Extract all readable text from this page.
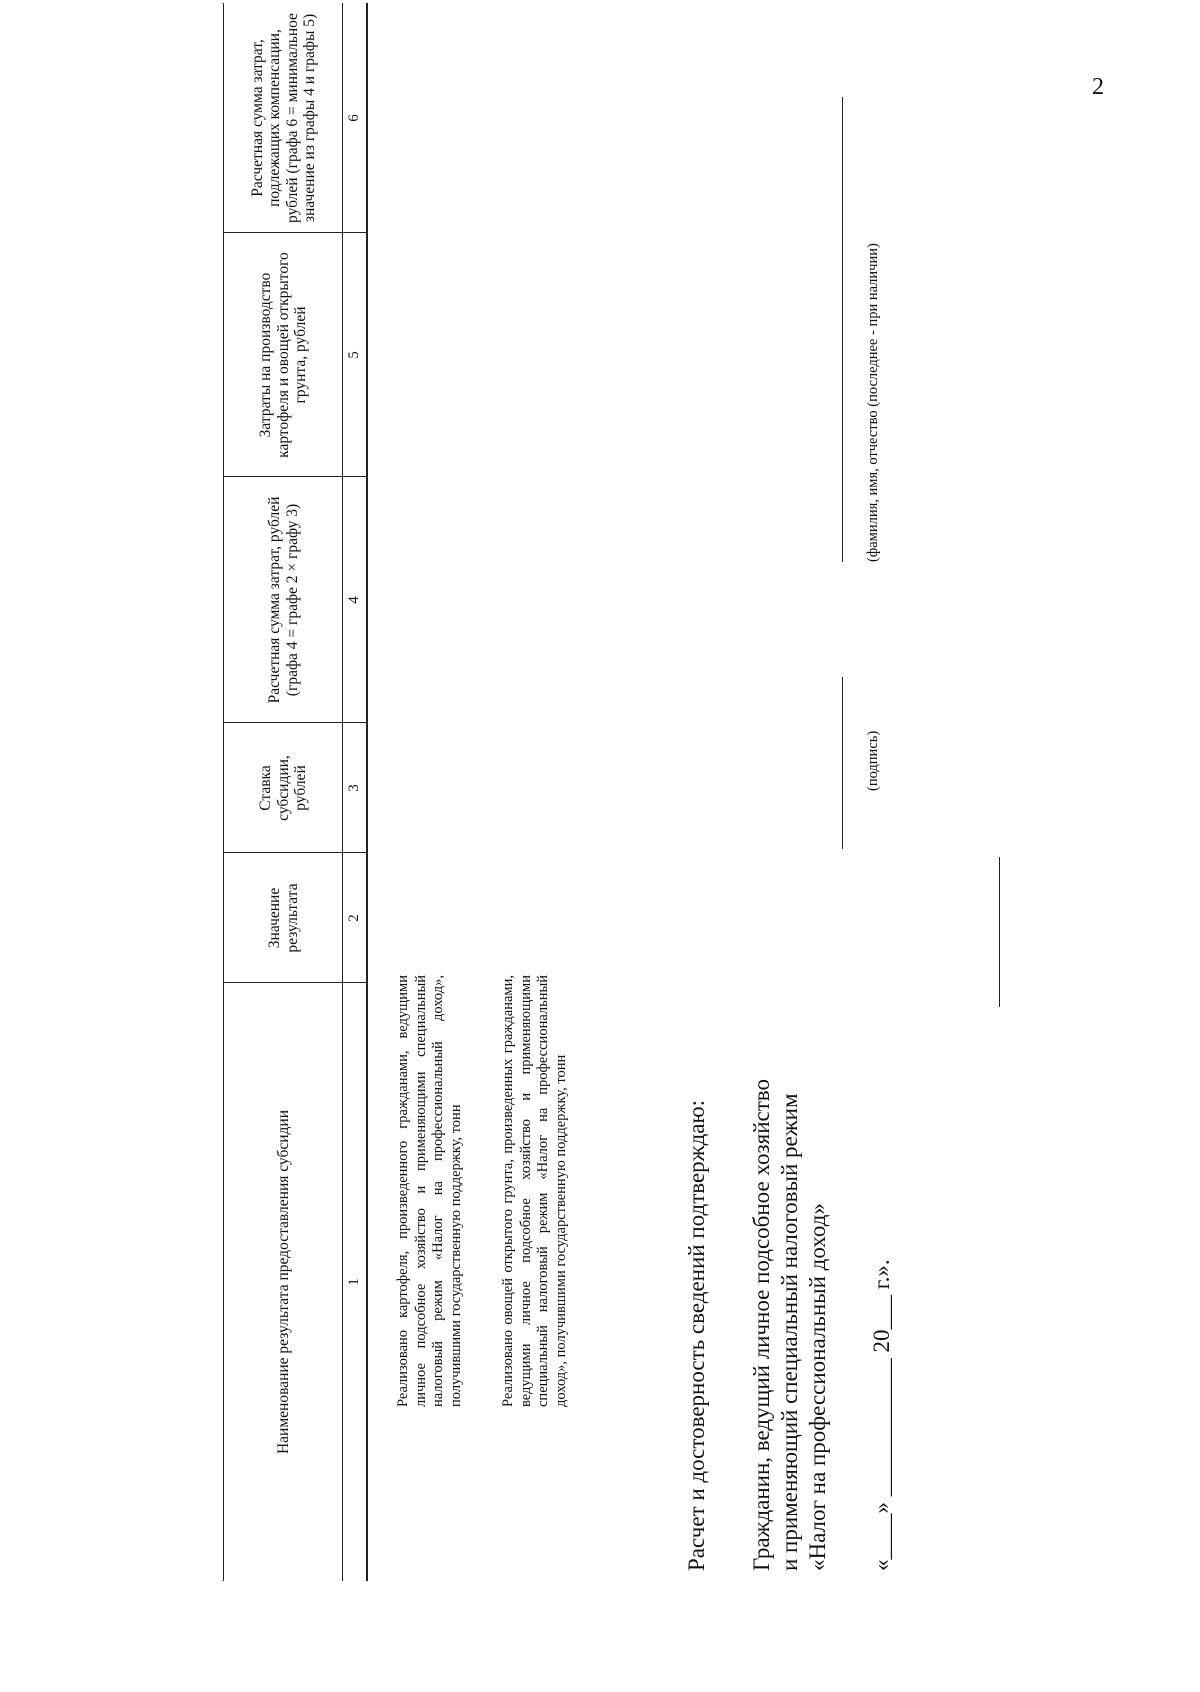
2
Наименование результата предоставления субсидии
Значение результата
Ставка субсидии, рублей
Расчетная сумма затрат, рублей (графа 4 = графе 2 × графу 3)
Затраты на производство картофеля и овощей открытого грунта, рублей
Расчетная сумма затрат, подлежащих компенсации, рублей (графа 6 = минимальное значение из графы 4 и графы 5)
1
2
3
4
5
6
Реализовано картофеля, произведенного гражданами, ведущими личное подсобное хозяйство и применяющими специальный налоговый режим «Налог на профессиональный доход», получившими государственную поддержку, тонн	Реализовано овощей открытого грунта, произведенных гражданами, ведущими личное подсобное хозяйство и применяющими специальный налоговый режим «Налог на профессиональный доход», получившими государственную поддержку, тонн	Расчет и достоверность сведений подтверждаю: Гражданин, ведущий личное подсобное хозяйство и применяющий специальный налоговый режим «Налог на профессиональный доход» «____» ____________ 20___ г.».
(подпись)
(фамилия, имя, отчество (последнее - при наличии)
